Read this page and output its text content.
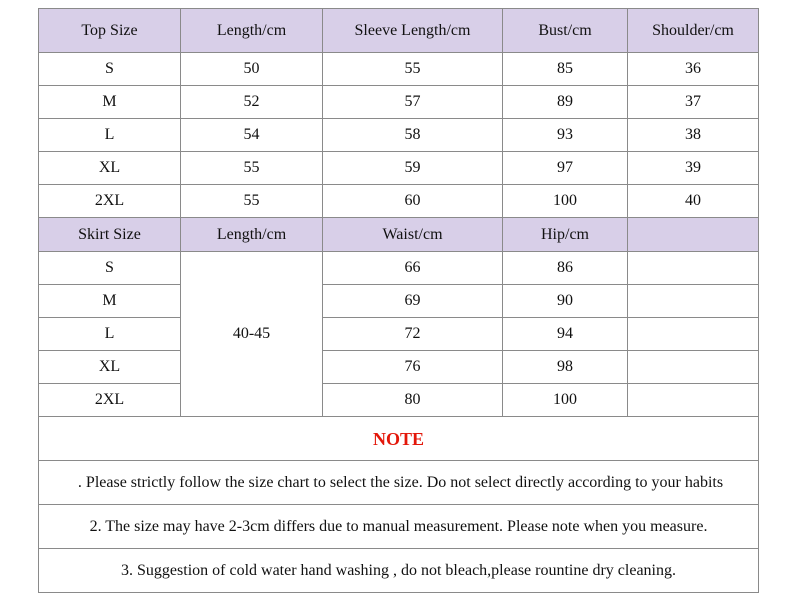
Top Size	Length/cm	Sleeve Length/cm	Bust/cm	Shoulder/cm
S	50	55	85	36
M	52	57	89	37
L	54	58	93	38
XL	55	59	97	39
2XL	55	60	100	40
Skirt Size	Length/cm	Waist/cm	Hip/cm	
S	40-45	66	86	
M		69	90	
L		72	94	
XL		76	98	
2XL		80	100	
NOTE				

. Please strictly follow the size chart to select the size. Do not select directly according to your habits				

2. The size may have 2-3cm differs due to manual measurement. Please note when you measure.				
3. Suggestion of cold water hand washing , do not bleach,please rountine dry cleaning.				
